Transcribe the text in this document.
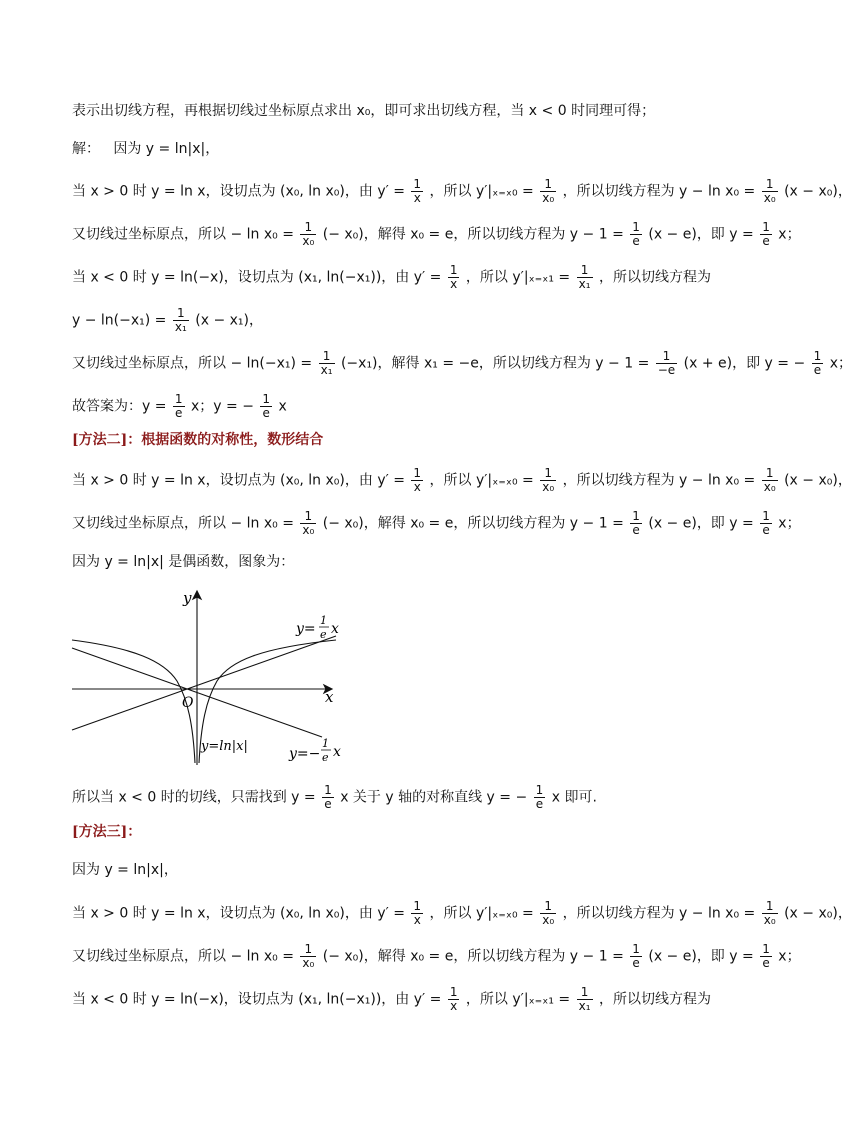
表示出切线方程，再根据切线过坐标原点求出 x₀，即可求出切线方程，当 x < 0 时同理可得；
解： 因为 y = ln|x|，
当 x > 0 时 y = ln x，设切点为 (x₀, ln x₀)，由 $y' = \frac{1}{x}$ ，所以 $y'|_{x=x0} = \frac{1}{\text{x₀}}$ ，所以切线方程为 $y - \ln x_0 = \frac{1}{\text{x₀}} (x - x_0)$，
又切线过坐标原点，所以 − $\ln x_0 = \frac{1}{\text{x₀}}$ (− x₀)，解得 x₀ = e，所以切线方程为 $y - 1 = \frac{1}{e} (x - e)$，即 $y = \frac{1}{e}$ x；
当 x < 0 时 y = ln(−x)，设切点为 (x₁, ln(−x₁))，由 $y' = \frac{1}{x}$ ，所以 $y'|_{x=x1} = \frac{1}{\text{x₁}}$ ，所以切线方程为
$y - \ln(-x_1) = \frac{1}{\text{x₁}} (x - x_1)$，
又切线过坐标原点，所以 − $\ln(-x_1) = \frac{1}{\text{x₁}} (-x_1)$，解得 x₁ = −e，所以切线方程为 $y - 1 = \frac{1}{-e} (x + e)$，即 y = − $\frac{1}{e}$ x；
故答案为：$y = \frac{1}{e}$ x；y = − $\frac{1}{e}$ x
[方法二]：根据函数的对称性，数形结合
当 x > 0 时 y = ln x，设切点为 (x₀, ln x₀)，由 $y' = \frac{1}{x}$ ，所以 $y'|_{x=x0} = \frac{1}{\text{x₀}}$ ，所以切线方程为 $y - \ln x_0 = \frac{1}{\text{x₀}} (x - x_0)$，
又切线过坐标原点，所以 − $\ln x_0 = \frac{1}{\text{x₀}}$ (− x₀)，解得 x₀ = e，所以切线方程为 $y - 1 = \frac{1}{e} (x - e)$，即 $y = \frac{1}{e}$ x；
因为 y = ln|x| 是偶函数，图象为：
y
x
O
y=
1
e x
y=ln|x|	y=−
1
e x
所以当 x < 0 时的切线，只需找到 $y = \frac{1}{e}$ x 关于 y 轴的对称直线 y = − $\frac{1}{e}$ x 即可.
[方法三]：
因为 y = ln|x|，
当 x > 0 时 y = ln x，设切点为 (x₀, ln x₀)，由 $y' = \frac{1}{x}$ ，所以 $y'|_{x=x0} = \frac{1}{\text{x₀}}$ ，所以切线方程为 $y - \ln x_0 = \frac{1}{\text{x₀}} (x - x_0)$，
又切线过坐标原点，所以 − $\ln x_0 = \frac{1}{\text{x₀}}$ (− x₀)，解得 x₀ = e，所以切线方程为 $y - 1 = \frac{1}{e} (x - e)$，即 $y = \frac{1}{e}$ x；
当 x < 0 时 y = ln(−x)，设切点为 (x₁, ln(−x₁))，由 $y' = \frac{1}{x}$ ，所以 $y'|_{x=x1} = \frac{1}{\text{x₁}}$ ，所以切线方程为
